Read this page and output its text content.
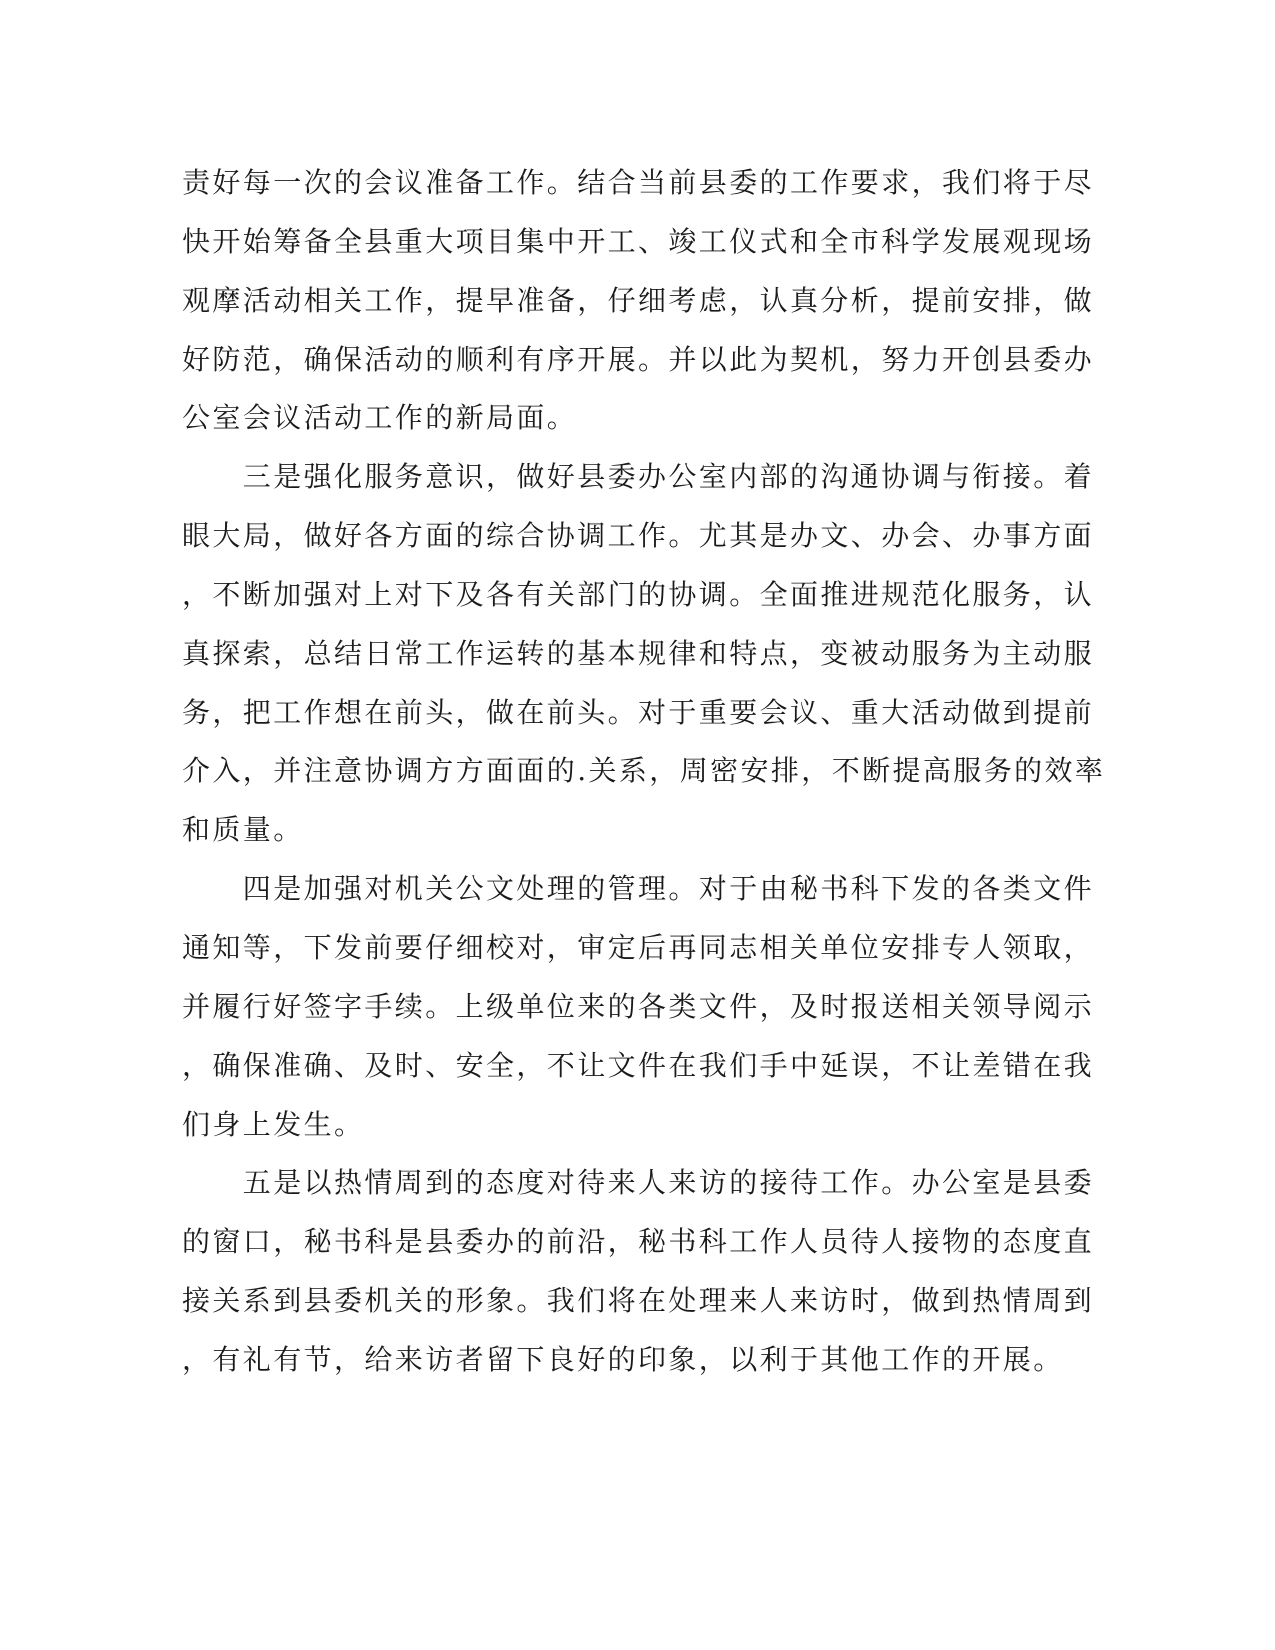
责好每一次的会议准备工作。结合当前县委的工作要求，我们将于尽

快开始筹备全县重大项目集中开工、竣工仪式和全市科学发展观现场

观摩活动相关工作，提早准备，仔细考虑，认真分析，提前安排，做

好防范，确保活动的顺利有序开展。并以此为契机，努力开创县委办

公室会议活动工作的新局面。

　　三是强化服务意识，做好县委办公室内部的沟通协调与衔接。着

眼大局，做好各方面的综合协调工作。尤其是办文、办会、办事方面

，不断加强对上对下及各有关部门的协调。全面推进规范化服务，认

真探索，总结日常工作运转的基本规律和特点，变被动服务为主动服

务，把工作想在前头，做在前头。对于重要会议、重大活动做到提前

介入，并注意协调方方面面的.关系，周密安排，不断提高服务的效率

和质量。

　　四是加强对机关公文处理的管理。对于由秘书科下发的各类文件

通知等，下发前要仔细校对，审定后再同志相关单位安排专人领取，

并履行好签字手续。上级单位来的各类文件，及时报送相关领导阅示

，确保准确、及时、安全，不让文件在我们手中延误，不让差错在我

们身上发生。

　　五是以热情周到的态度对待来人来访的接待工作。办公室是县委

的窗口，秘书科是县委办的前沿，秘书科工作人员待人接物的态度直

接关系到县委机关的形象。我们将在处理来人来访时，做到热情周到

，有礼有节，给来访者留下良好的印象，以利于其他工作的开展。
